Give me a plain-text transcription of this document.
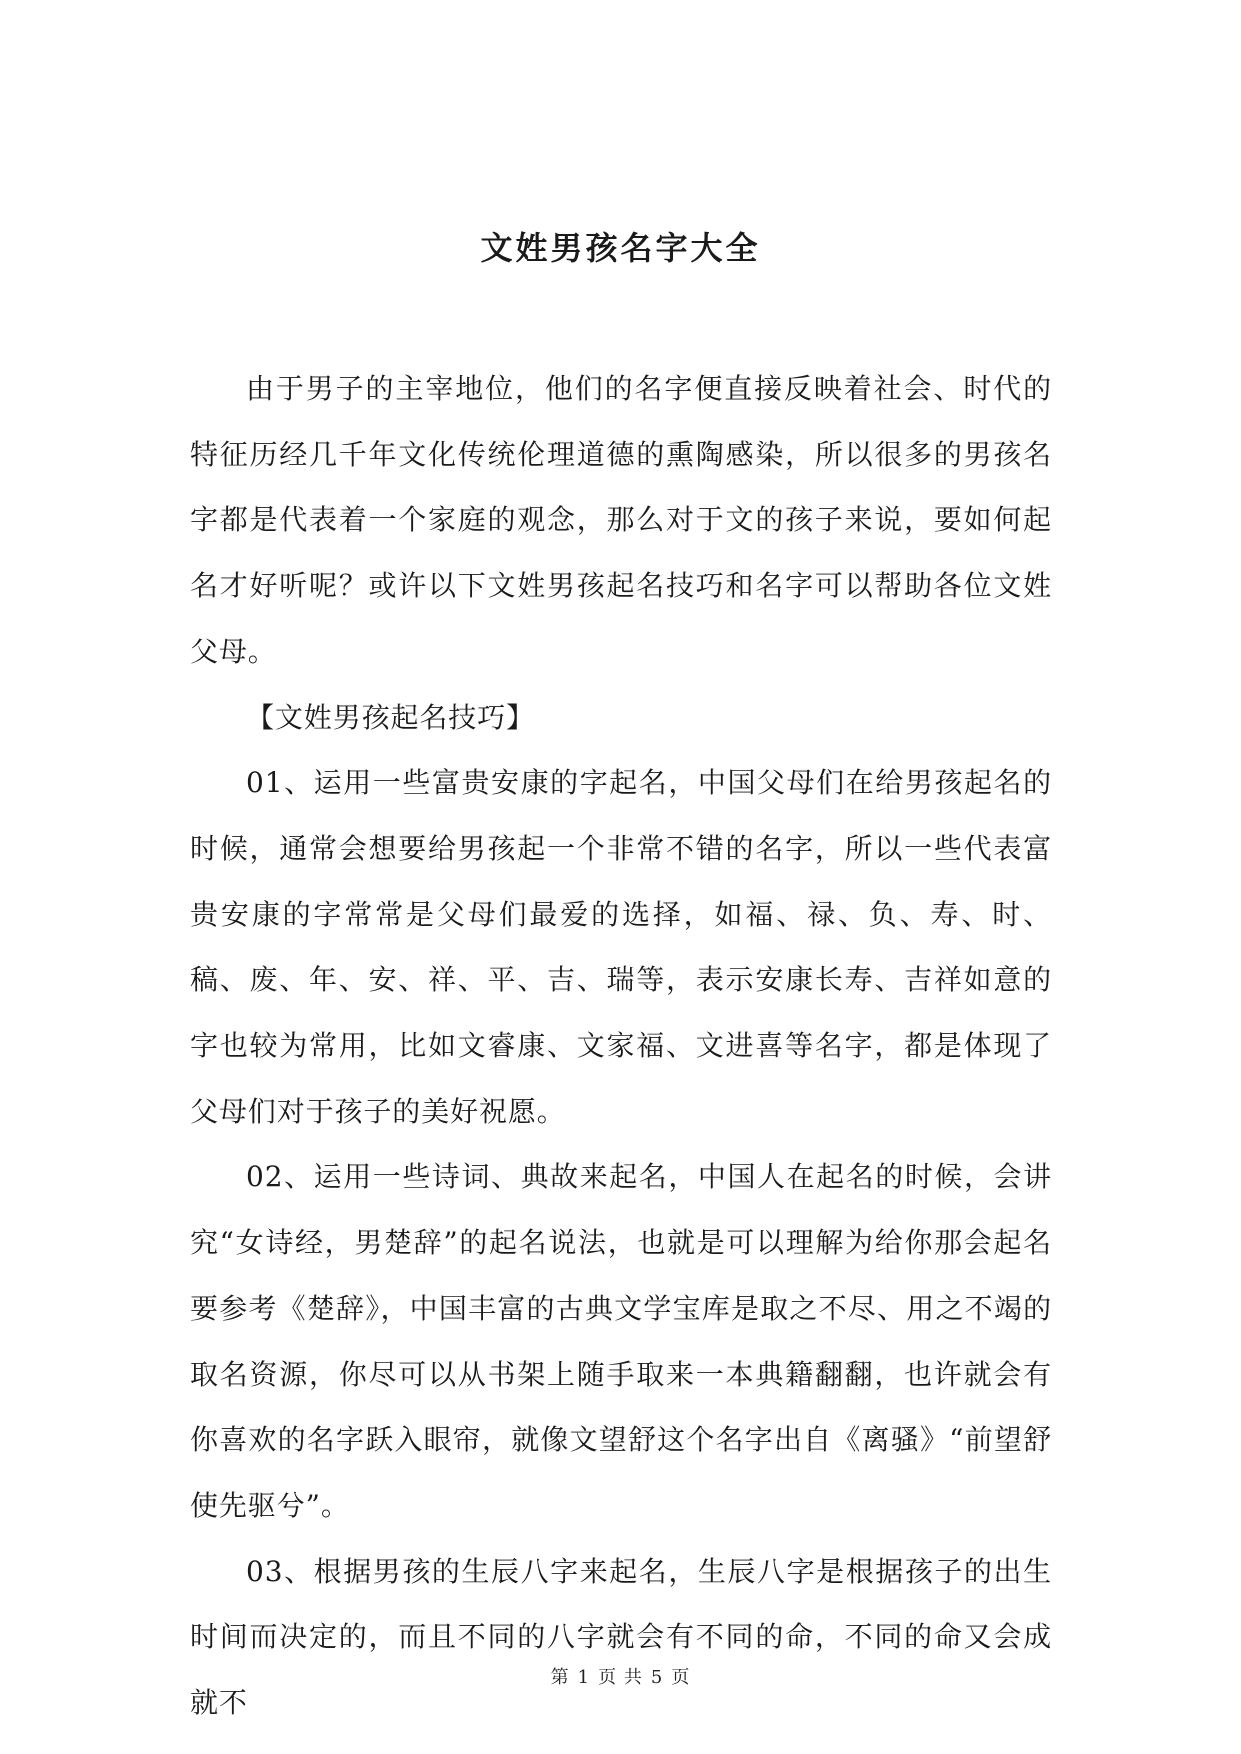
文姓男孩名字大全

由于男子的主宰地位，他们的名字便直接反映着社会、时代的特征历经几千年文化传统伦理道德的熏陶感染，所以很多的男孩名字都是代表着一个家庭的观念，那么对于文的孩子来说，要如何起名才好听呢？或许以下文姓男孩起名技巧和名字可以帮助各位文姓父母。

【文姓男孩起名技巧】

01、运用一些富贵安康的字起名，中国父母们在给男孩起名的时候，通常会想要给男孩起一个非常不错的名字，所以一些代表富贵安康的字常常是父母们最爱的选择，如福、禄、负、寿、时、稿、废、年、安、祥、平、吉、瑞等，表示安康长寿、吉祥如意的字也较为常用，比如文睿康、文家福、文进喜等名字，都是体现了父母们对于孩子的美好祝愿。

02、运用一些诗词、典故来起名，中国人在起名的时候，会讲究“女诗经，男楚辞”的起名说法，也就是可以理解为给你那会起名要参考《楚辞》，中国丰富的古典文学宝库是取之不尽、用之不竭的取名资源，你尽可以从书架上随手取来一本典籍翻翻，也许就会有你喜欢的名字跃入眼帘，就像文望舒这个名字出自《离骚》“前望舒使先驱兮”。

03、根据男孩的生辰八字来起名，生辰八字是根据孩子的出生时间而决定的，而且不同的八字就会有不同的命，不同的命又会成就不

第 1 页 共 5 页
